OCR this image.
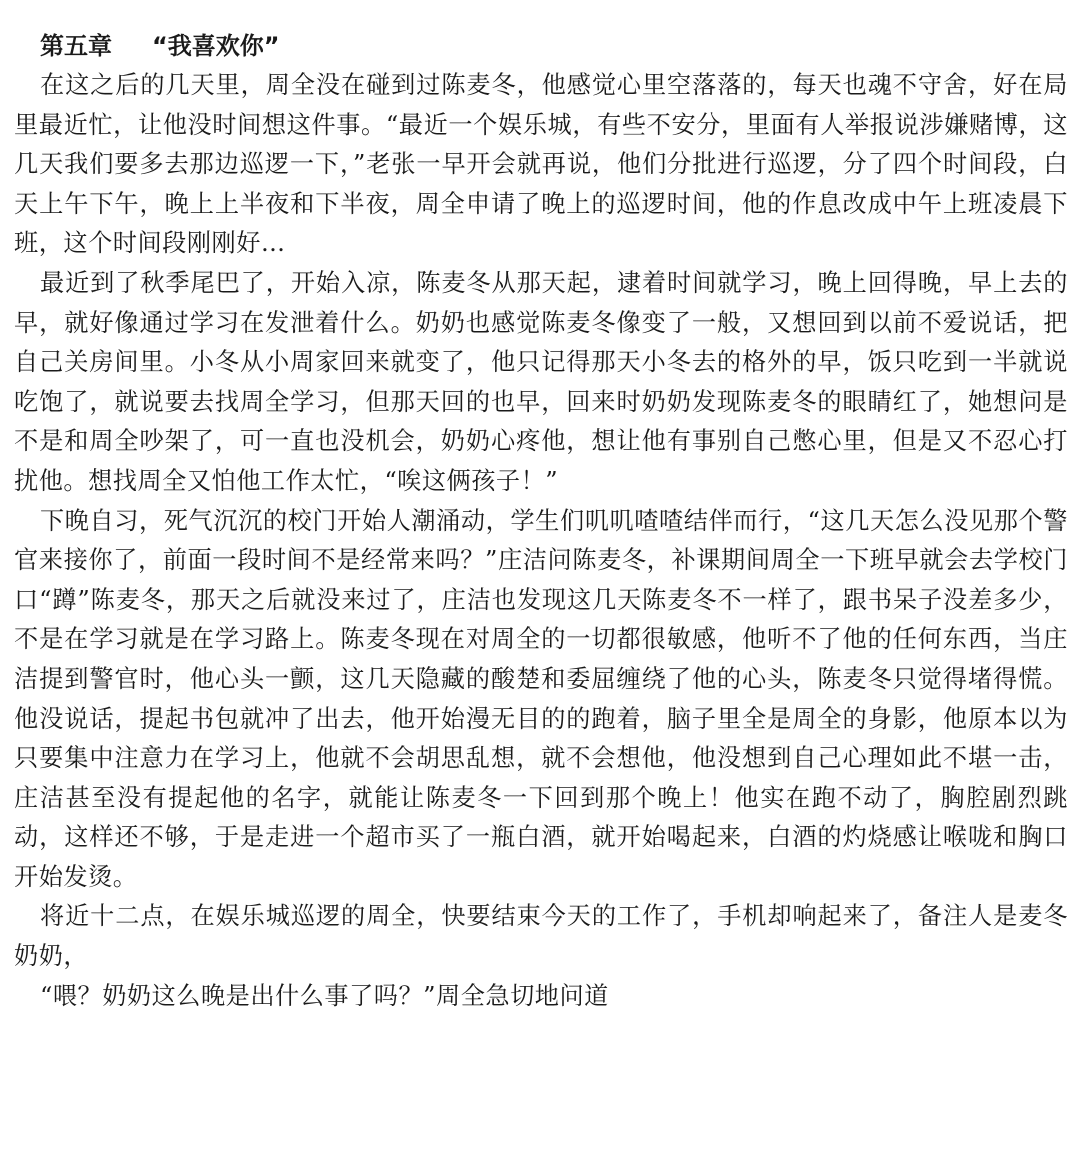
第五章 “我喜欢你”

在这之后的几天里，周全没在碰到过陈麦冬，他感觉心里空落落的，每天也魂不守舍，好在局里最近忙，让他没时间想这件事。“最近一个娱乐城，有些不安分，里面有人举报说涉嫌赌博，这几天我们要多去那边巡逻一下，”老张一早开会就再说，他们分批进行巡逻，分了四个时间段，白天上午下午，晚上上半夜和下半夜，周全申请了晚上的巡逻时间，他的作息改成中午上班凌晨下班，这个时间段刚刚好…

最近到了秋季尾巴了，开始入凉，陈麦冬从那天起，逮着时间就学习，晚上回得晚，早上去的早，就好像通过学习在发泄着什么。奶奶也感觉陈麦冬像变了一般，又想回到以前不爱说话，把自己关房间里。小冬从小周家回来就变了，他只记得那天小冬去的格外的早，饭只吃到一半就说吃饱了，就说要去找周全学习，但那天回的也早，回来时奶奶发现陈麦冬的眼睛红了，她想问是不是和周全吵架了，可一直也没机会，奶奶心疼他，想让他有事别自己憋心里，但是又不忍心打扰他。想找周全又怕他工作太忙，“唉这俩孩子！”

下晚自习，死气沉沉的校门开始人潮涌动，学生们叽叽喳喳结伴而行，“这几天怎么没见那个警官来接你了，前面一段时间不是经常来吗？”庄洁问陈麦冬，补课期间周全一下班早就会去学校门口“蹲”陈麦冬，那天之后就没来过了，庄洁也发现这几天陈麦冬不一样了，跟书呆子没差多少，不是在学习就是在学习路上。陈麦冬现在对周全的一切都很敏感，他听不了他的任何东西，当庄洁提到警官时，他心头一颤，这几天隐藏的酸楚和委屈缠绕了他的心头，陈麦冬只觉得堵得慌。他没说话，提起书包就冲了出去，他开始漫无目的的跑着，脑子里全是周全的身影，他原本以为只要集中注意力在学习上，他就不会胡思乱想，就不会想他，他没想到自己心理如此不堪一击，庄洁甚至没有提起他的名字，就能让陈麦冬一下回到那个晚上！他实在跑不动了，胸腔剧烈跳动，这样还不够，于是走进一个超市买了一瓶白酒，就开始喝起来，白酒的灼烧感让喉咙和胸口开始发烫。

将近十二点，在娱乐城巡逻的周全，快要结束今天的工作了，手机却响起来了，备注人是麦冬奶奶，

“喂？奶奶这么晚是出什么事了吗？”周全急切地问道
